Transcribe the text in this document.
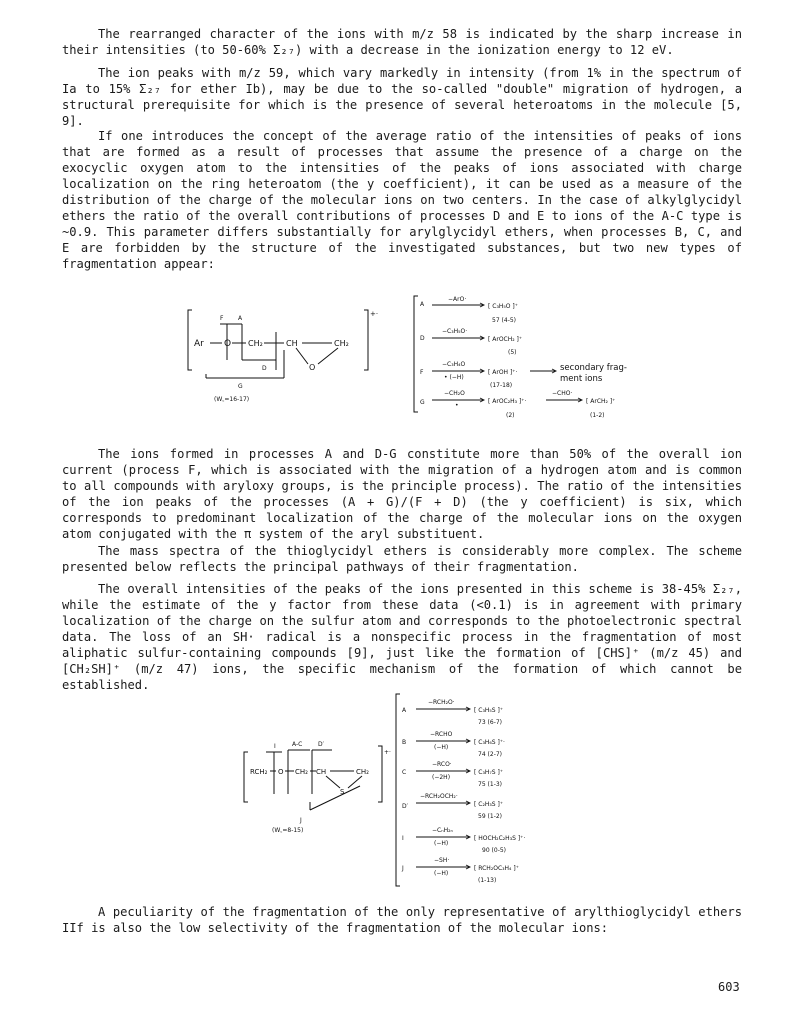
The rearranged character of the ions with m/z 58 is indicated by the sharp increase in their intensities (to 50-60% Σ₂₇) with a decrease in the ionization energy to 12 eV.

The ion peaks with m/z 59, which vary markedly in intensity (from 1% in the spectrum of Ia to 15% Σ₂₇ for ether Ib), may be due to the so-called "double" migration of hydrogen, a structural prerequisite for which is the presence of several heteroatoms in the molecule [5, 9].

If one introduces the concept of the average ratio of the intensities of peaks of ions that are formed as a result of processes that assume the presence of a charge on the exocyclic oxygen atom to the intensities of the peaks of ions associated with charge localization on the ring heteroatom (the y coefficient), it can be used as a measure of the distribution of the charge of the molecular ions on two centers. In the case of alkylglycidyl ethers the ratio of the overall contributions of processes D and E to ions of the A-C type is ~0.9. This parameter differs substantially for arylglycidyl ethers, when processes B, C, and E are forbidden by the structure of the investigated substances, but two new types of fragmentation appear:

+·
Ar O CH₂	CH	CH₂
O
F A
D
G
(W꜀=16-17)
A
−ArO·
[ C₃H₅O ]⁺
57 (4-5)
D
−C₃H₅O·
[ ArOCH₂ ]⁺
(5)
F
−C₃H₄O
• (−H)
[ ArOH ]⁺·
(17-18)
secondary frag-
ment ions
G
−CH₂O
•
[ ArOC₂H₃ ]⁺·
(2)
−CHO·
[ ArCH₂ ]⁺
(1-2)

The ions formed in processes A and D-G constitute more than 50% of the overall ion current (process F, which is associated with the migration of a hydrogen atom and is common to all compounds with aryloxy groups, is the principle process). The ratio of the intensities of the ion peaks of the processes (A + G)/(F + D) (the y coefficient) is six, which corresponds to predominant localization of the charge of the molecular ions on the oxygen atom conjugated with the π system of the aryl substituent.

The mass spectra of the thioglycidyl ethers is considerably more complex. The scheme presented below reflects the principal pathways of their fragmentation.

The overall intensities of the peaks of the ions presented in this scheme is 38-45% Σ₂₇, while the estimate of the y factor from these data (<0.1) is in agreement with primary localization of the charge on the sulfur atom and corresponds to the photoelectronic spectral data. The loss of an SH· radical is a nonspecific process in the fragmentation of most aliphatic sulfur-containing compounds [9], just like the formation of [CHS]⁺ (m/z 45) and [CH₂SH]⁺ (m/z 47) ions, the specific mechanism of the formation of which cannot be established.

+·
RCH₂ O CH₂ CH	CH₂
S
I	A-C	D′
J
(W꜀=8-15)
A
−RCH₂O·
[ C₃H₅S ]⁺
73 (6-7)
B
−RCHO
(−H)
[ C₃H₆S ]⁺·
74 (2-7)
C
−RCO·
(−2H)
[ C₃H₇S ]⁺
75 (1-3)
D′
−RCH₂OCH₂·
[ C₂H₃S ]⁺
59 (1-2)
I
−CₙH₂ₙ
(−H)
[ HOCH₂C₂H₃S ]⁺·
90 (0-5)
J
−SH·
(−H)
[ RCH₂OC₃H₄ ]⁺
(1-13)

A peculiarity of the fragmentation of the only representative of arylthioglycidyl ethers IIf is also the low selectivity of the fragmentation of the molecular ions:

603
